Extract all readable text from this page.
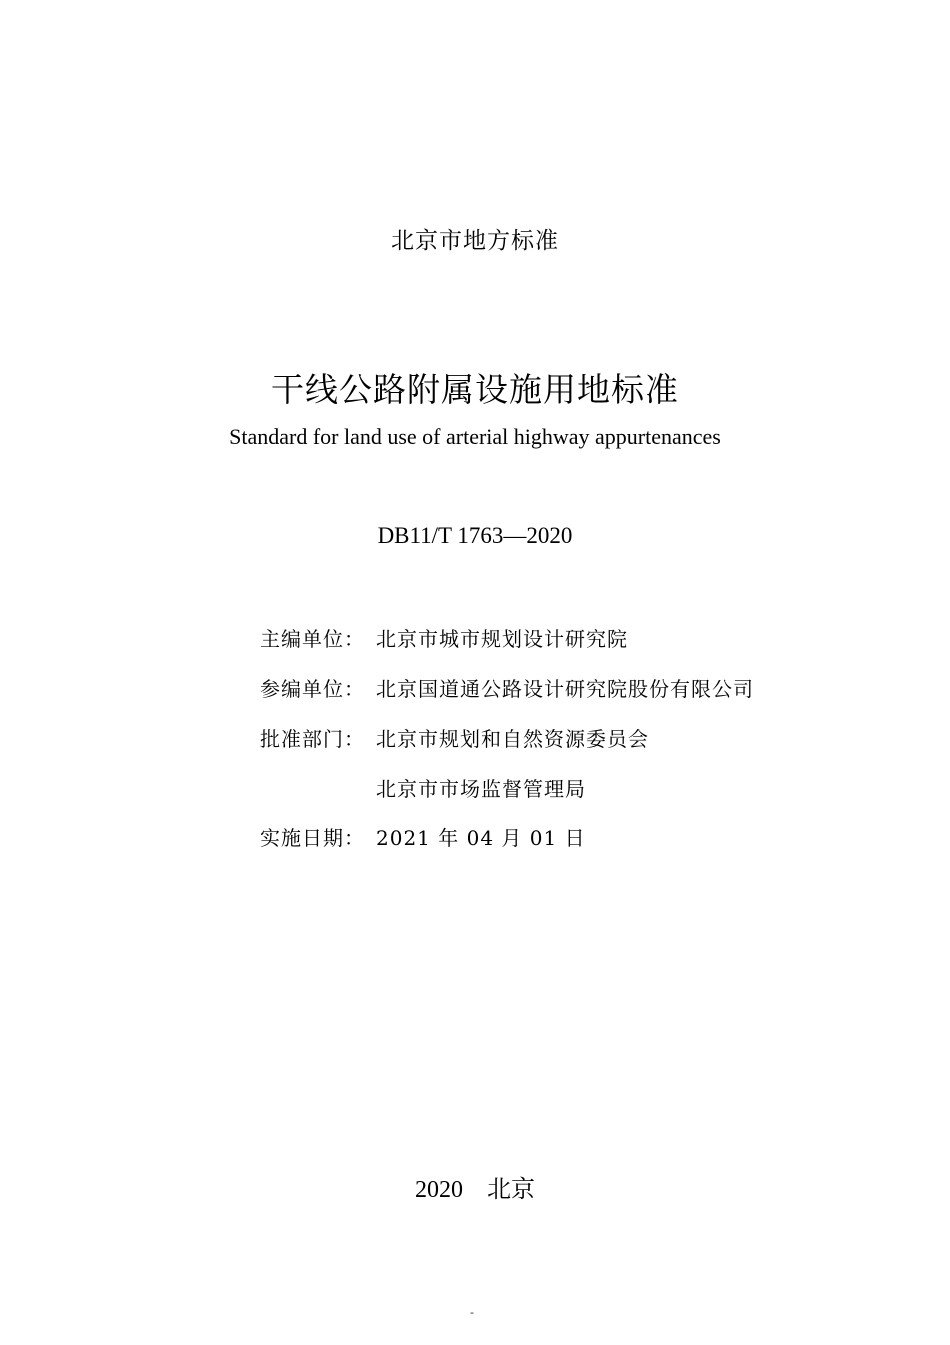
北京市地方标准
干线公路附属设施用地标准
Standard for land use of arterial highway appurtenances
DB11/T 1763—2020
主编单位： 北京市城市规划设计研究院
参编单位： 北京国道通公路设计研究院股份有限公司
批准部门： 北京市规划和自然资源委员会
北京市市场监督管理局
实施日期： 2021 年 04 月 01 日
2020 北京
-
